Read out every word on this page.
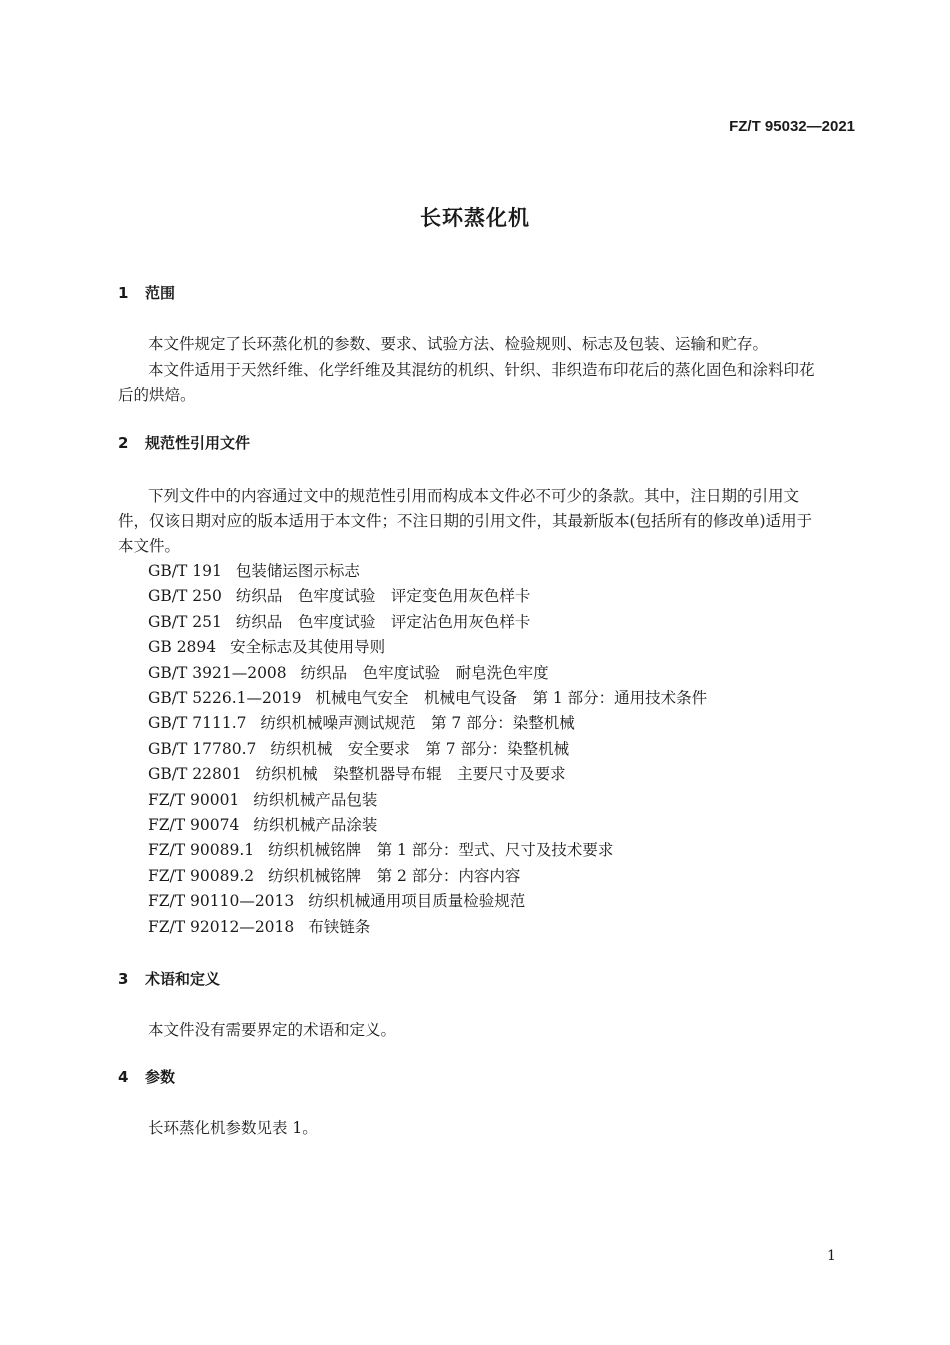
FZ/T 95032—2021
长环蒸化机
1 范围
本文件规定了长环蒸化机的参数、要求、试验方法、检验规则、标志及包装、运输和贮存。
本文件适用于天然纤维、化学纤维及其混纺的机织、针织、非织造布印花后的蒸化固色和涂料印花
后的烘焙。
2 规范性引用文件
下列文件中的内容通过文中的规范性引用而构成本文件必不可少的条款。其中，注日期的引用文
件，仅该日期对应的版本适用于本文件；不注日期的引用文件，其最新版本(包括所有的修改单)适用于
本文件。
GB/T 191 包装储运图示标志
GB/T 250 纺织品　色牢度试验　评定变色用灰色样卡
GB/T 251 纺织品　色牢度试验　评定沾色用灰色样卡
GB 2894 安全标志及其使用导则
GB/T 3921—2008 纺织品　色牢度试验　耐皂洗色牢度
GB/T 5226.1—2019 机械电气安全　机械电气设备　第 1 部分：通用技术条件
GB/T 7111.7 纺织机械噪声测试规范　第 7 部分：染整机械
GB/T 17780.7 纺织机械　安全要求　第 7 部分：染整机械
GB/T 22801 纺织机械　染整机器导布辊　主要尺寸及要求
FZ/T 90001 纺织机械产品包装
FZ/T 90074 纺织机械产品涂装
FZ/T 90089.1 纺织机械铭牌　第 1 部分：型式、尺寸及技术要求
FZ/T 90089.2 纺织机械铭牌　第 2 部分：内容内容
FZ/T 90110—2013 纺织机械通用项目质量检验规范
FZ/T 92012—2018 布铗链条
3 术语和定义
本文件没有需要界定的术语和定义。
4 参数
长环蒸化机参数见表 1。
1
